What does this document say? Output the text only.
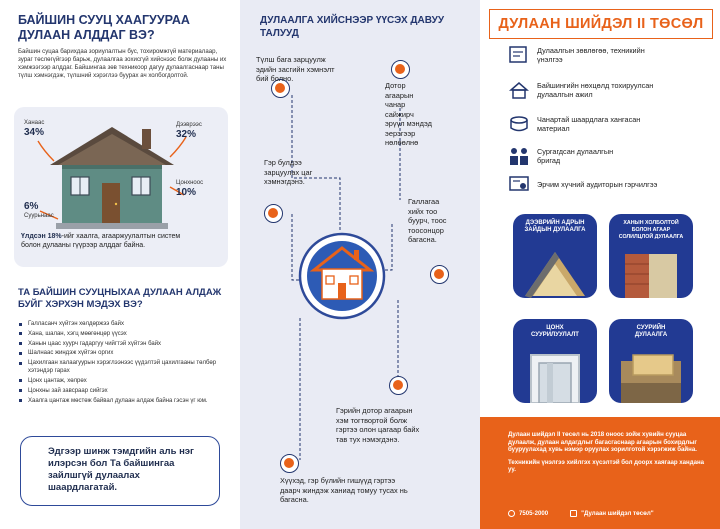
БАЙШИН СУУЦ ХААГУУРАА ДУЛААН АЛДДАГ ВЭ?
Байшин суцаа барихдаа зориулалтын бус, тохиромжгүй материалаар, зураг төслөгүйгээр барьж, дулаалгаа зохисгүй хийснээс болж дулааны их хэмжээгээр алддаг. Байшингаа зөв техникоор дагуу дулаалгаснаар таны түлш хэмнэгдэж, түлшний хэрэглээ буурах ач холбогдолтой.
Ханаас
34%
Дээврээс
32%
Цонхноос
10%
6%
Суурьнаас
Үлдсэн 18%-ийг хаалга, агааржуулалтын систем болон дулааны гүүрээр алддаг байна.
ТА БАЙШИН СУУЦНЫХАА ДУЛААН АЛДАЖ БУЙГ ХЭРХЭН МЭДЭХ ВЭ?
Галласанч хүйтэн хөлдөржээ байх
Хана, шалан, хэгц мөөгөнцөр үүсэх
Ханын цаас хуурч гадаргуу чийгтэй хүйтэн байх
Шалнаас жиндэж хүйтэн оргих
Цахилгаан халаагуурын хэрэглээнээс үүдэлтэй цахилгааны төлбөр хэтэндэр гарах
Цонх цантаж, хөлрөх
Цонхны зай завсраар сийгэх
Хаалга цантаж мөстөж байвал дулаан алдаж байна гэсэн үг юм.
Эдгээр шинж тэмдгийн аль нэг илэрсэн бол Та байшингаа зайлшгүй дулаалах шаардлагатай.
ДУЛААЛГА ХИЙСНЭЭР ҮҮСЭХ ДАВУУ ТАЛУУД
Түлш бага зарцуулж
эдийн засгийн хэмнэлт
бий болно.
Дотор
агаарын
чанар
сайжирч
эрүүл мэндэд
эерэгээр
нөлөөлнө
Гэр булдээ
зарцуулах цаг
хэмнэгдэнэ.
Галлагаа
хийх тоо
буурч, тоос
тоосонцор
багасна.
Гэрийн дотор агаарын
хэм тогтвортой болж
гэртээ олон цагаар байх
тав тух нэмэгдэнэ.
Хүүхэд, гэр бүлийн гишүүд гэртээ
даарч жиндэж ханиад томуу тусах нь
багасна.
ДУЛААН ШИЙДЭЛ II ТӨСӨЛ
Дулаалгын зөвлөгөө, техникийн
үнэлгээ
Байшингийн нөхцөлд тохируулсан
дулаалгын ажил
Чанартай шаардлага хангасан
материал
Сургагдсан дулаалгын
бригад
Эрчим хүчний аудиторын гэрчилгээ
ДЭЭВРИЙН АДРЫН
ЗАЙДЫН ДУЛААЛГА
ХАНЫН ХОЛБОЛТОЙ
БОЛОН АГААР
СОЛИЛЦЛОЙ ДУЛААЛГА
ЦОНХ
СУУРИЛУУЛАЛТ
СУУРИЙН
ДУЛААЛГА

Дулаан шийдэл II төсөл нь 2018 оноос зойж хувийн сууцаа дулаалж, дулаан алдагдлыг багасгаснаар агаарын бохирдлыг бууруулахад хувь нэмэр оруулах зорилготой хэрэгжиж байна.

Техникийн үнэлгээ хийлгэх хүсэлтэй бол доорх хаягаар хандана уу.

7505-2000	"Дулаан шийдэл төсөл"
